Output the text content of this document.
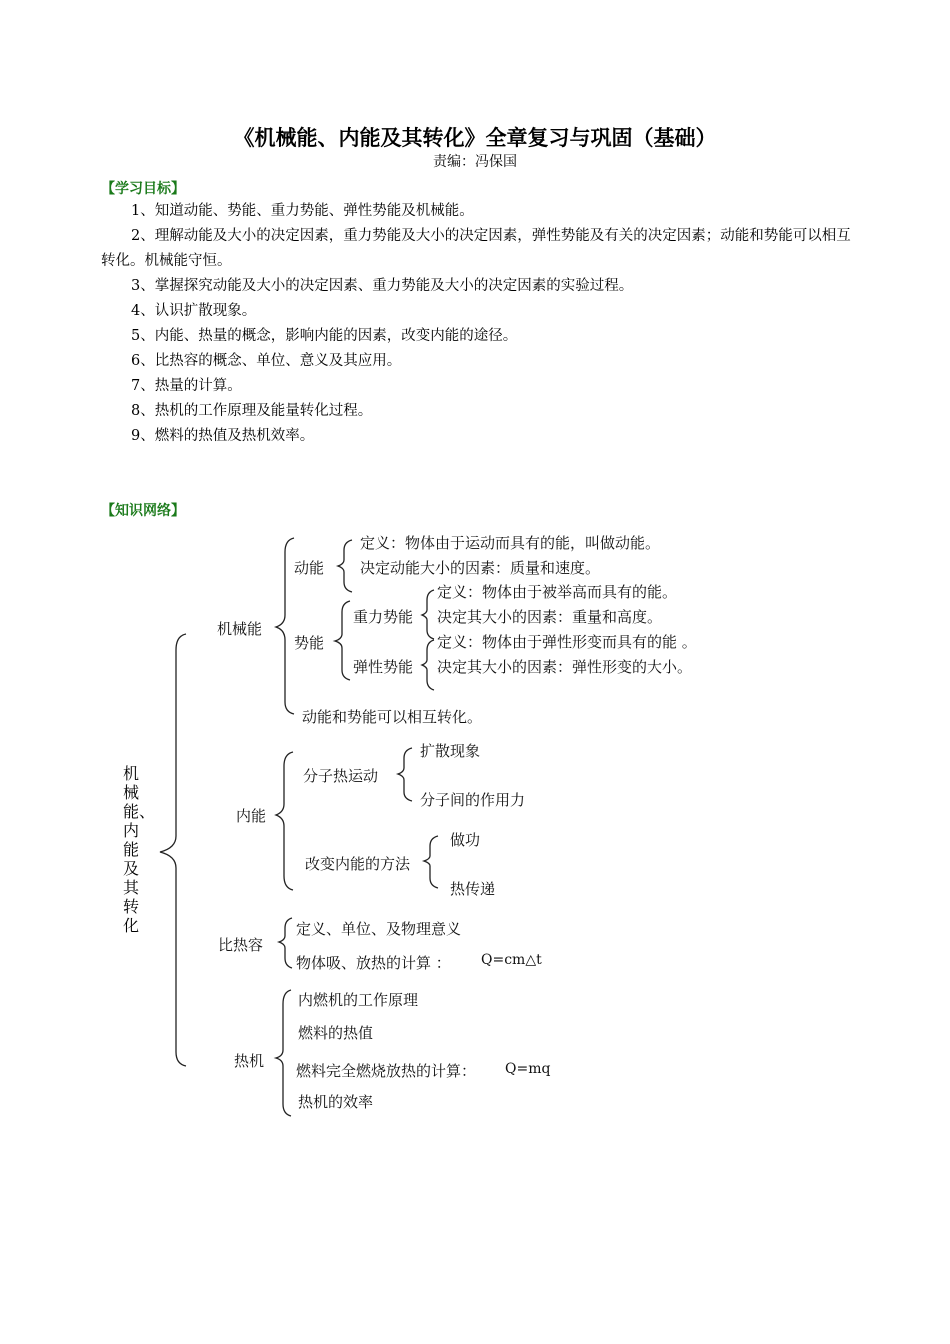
《机械能、内能及其转化》全章复习与巩固（基础）
责编：冯保国
【学习目标】

1、知道动能、势能、重力势能、弹性势能及机械能。

2、理解动能及大小的决定因素，重力势能及大小的决定因素，弹性势能及有关的决定因素；动能和势能可以相互转化。机械能守恒。

3、掌握探究动能及大小的决定因素、重力势能及大小的决定因素的实验过程。

4、认识扩散现象。

5、内能、热量的概念，影响内能的因素，改变内能的途径。

6、比热容的概念、单位、意义及其应用。

7、热量的计算。

8、热机的工作原理及能量转化过程。

9、燃料的热值及热机效率。

【知识网络】
机械能、内能及其转化
机械能
动能
定义：物体由于运动而具有的能，叫做动能。
决定动能大小的因素：质量和速度。
势能
重力势能
定义：物体由于被举高而具有的能。
决定其大小的因素：重量和高度。
弹性势能
定义：物体由于弹性形变而具有的能 。
决定其大小的因素：弹性形变的大小。
动能和势能可以相互转化。
内能
分子热运动
扩散现象
分子间的作用力
改变内能的方法
做功
热传递
比热容
定义、单位、及物理意义
物体吸、放热的计算 ： Q=cm△t
热机
内燃机的工作原理
燃料的热值
燃料完全燃烧放热的计算： Q=mq
热机的效率
